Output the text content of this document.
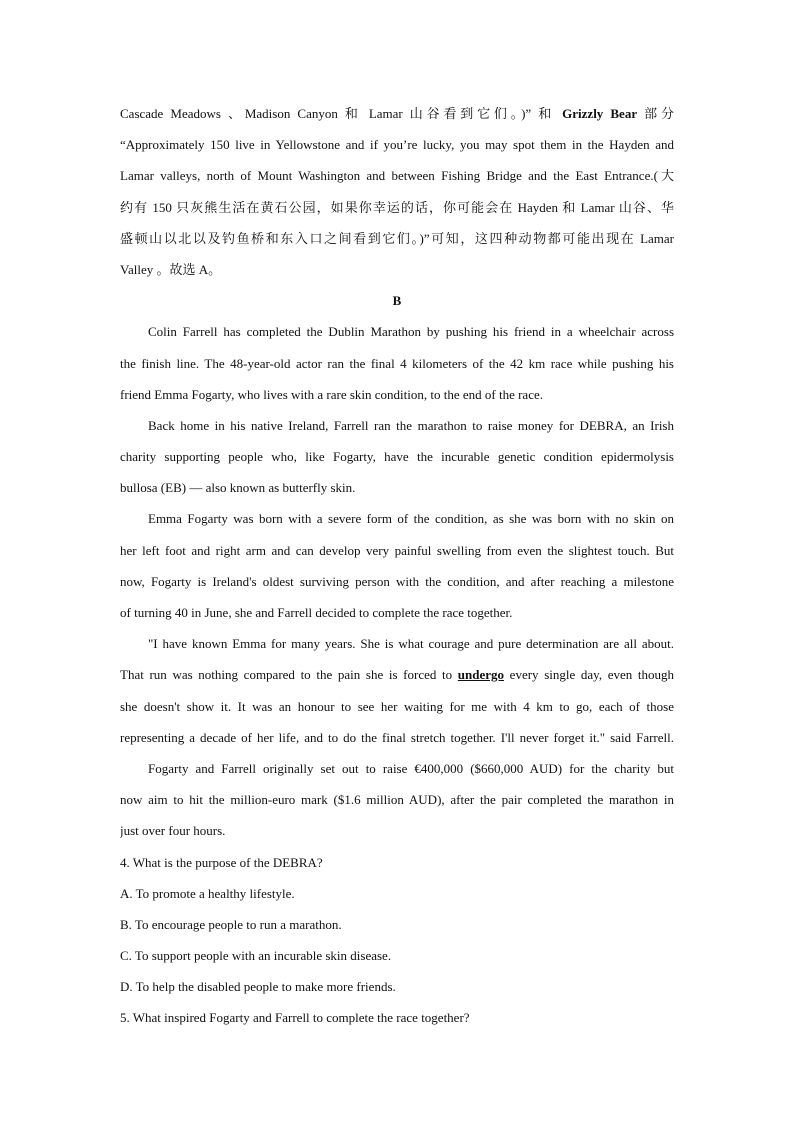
Cascade Meadows 、Madison Canyon 和 Lamar 山谷看到它们。)” 和 Grizzly Bear 部分
“Approximately 150 live in Yellowstone and if you’re lucky, you may spot them in the Hayden and
Lamar valleys, north of Mount Washington and between Fishing Bridge and the East Entrance.(大
约有 150 只灰熊生活在黄石公园，如果你幸运的话，你可能会在 Hayden 和 Lamar 山谷、华
盛顿山以北以及钓鱼桥和东入口之间看到它们。)”可知，这四种动物都可能出现在 Lamar
Valley 。故选 A。
B
Colin Farrell has completed the Dublin Marathon by pushing his friend in a wheelchair across
the finish line. The 48-year-old actor ran the final 4 kilometers of the 42 km race while pushing his
friend Emma Fogarty, who lives with a rare skin condition, to the end of the race.
Back home in his native Ireland, Farrell ran the marathon to raise money for DEBRA, an Irish
charity supporting people who, like Fogarty, have the incurable genetic condition epidermolysis
bullosa (EB) — also known as butterfly skin.
Emma Fogarty was born with a severe form of the condition, as she was born with no skin on
her left foot and right arm and can develop very painful swelling from even the slightest touch. But
now, Fogarty is Ireland's oldest surviving person with the condition, and after reaching a milestone
of turning 40 in June, she and Farrell decided to complete the race together.
"I have known Emma for many years. She is what courage and pure determination are all about.
That run was nothing compared to the pain she is forced to undergo every single day, even though
she doesn't show it. It was an honour to see her waiting for me with 4 km to go, each of those
representing a decade of her life, and to do the final stretch together. I'll never forget it." said Farrell.
Fogarty and Farrell originally set out to raise €400,000 ($660,000 AUD) for the charity but
now aim to hit the million-euro mark ($1.6 million AUD), after the pair completed the marathon in
just over four hours.
4. What is the purpose of the DEBRA?
A. To promote a healthy lifestyle.
B. To encourage people to run a marathon.
C. To support people with an incurable skin disease.
D. To help the disabled people to make more friends.
5. What inspired Fogarty and Farrell to complete the race together?
